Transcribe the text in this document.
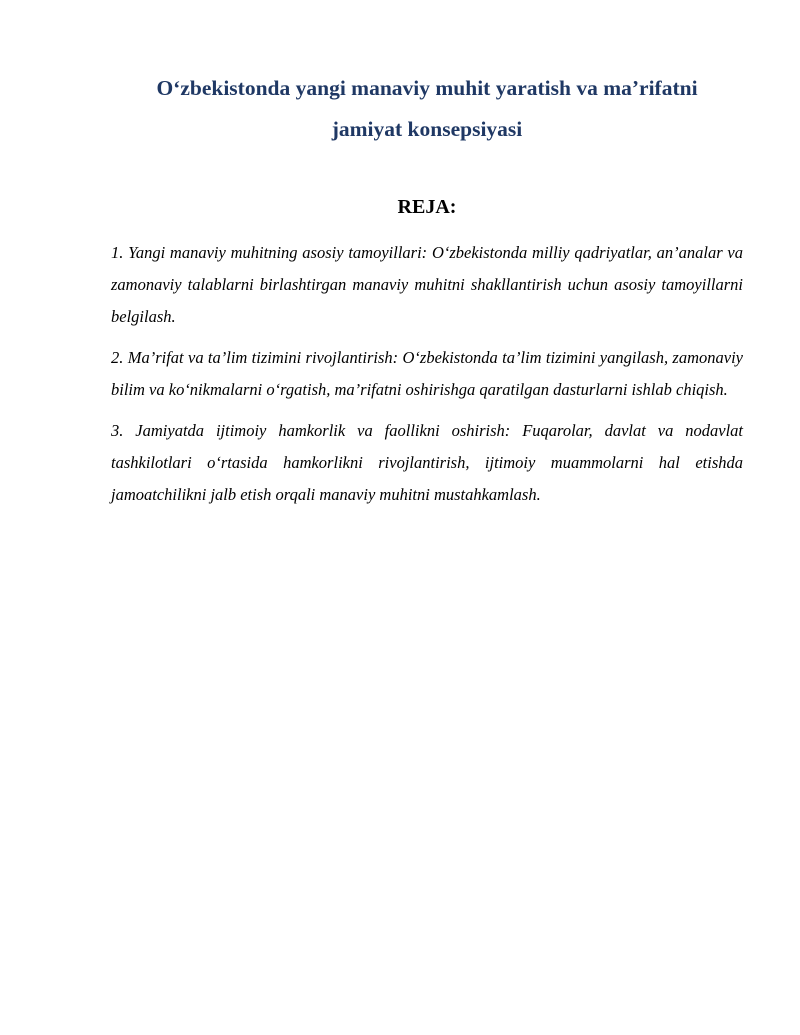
O‘zbekistonda yangi manaviy muhit yaratish va ma’rifatni
jamiyat konsepsiyasi
REJA:

1. Yangi manaviy muhitning asosiy tamoyillari: O‘zbekistonda milliy qadriyatlar, an’analar va zamonaviy talablarni birlashtirgan manaviy muhitni shakllantirish uchun asosiy tamoyillarni belgilash.

2. Ma’rifat va ta’lim tizimini rivojlantirish: O‘zbekistonda ta’lim tizimini yangilash, zamonaviy bilim va ko‘nikmalarni o‘rgatish, ma’rifatni oshirishga qaratilgan dasturlarni ishlab chiqish.

3. Jamiyatda ijtimoiy hamkorlik va faollikni oshirish: Fuqarolar, davlat va nodavlat tashkilotlari o‘rtasida hamkorlikni rivojlantirish, ijtimoiy muammolarni hal etishda jamoatchilikni jalb etish orqali manaviy muhitni mustahkamlash.
